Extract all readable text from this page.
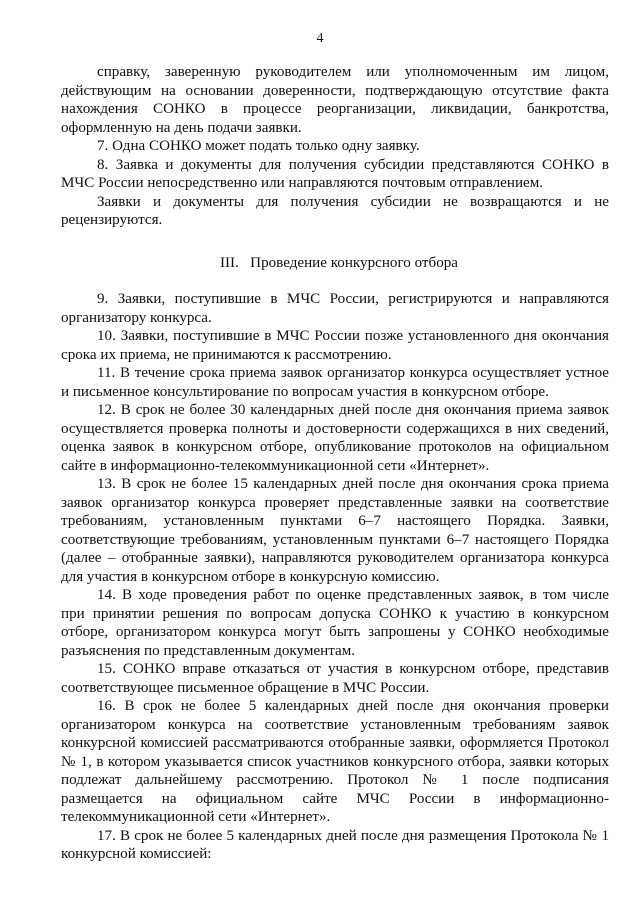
4

справку, заверенную руководителем или уполномоченным им лицом, действующим на основании доверенности, подтверждающую отсутствие факта нахождения СОНКО в процессе реорганизации, ликвидации, банкротства, оформленную на день подачи заявки.

7. Одна СОНКО может подать только одну заявку.

8. Заявка и документы для получения субсидии представляются СОНКО в МЧС России непосредственно или направляются почтовым отправлением.

Заявки и документы для получения субсидии не возвращаются и не рецензируются.

III. Проведение конкурсного отбора

9. Заявки, поступившие в МЧС России, регистрируются и направляются организатору конкурса.

10. Заявки, поступившие в МЧС России позже установленного дня окончания срока их приема, не принимаются к рассмотрению.

11. В течение срока приема заявок организатор конкурса осуществляет устное и письменное консультирование по вопросам участия в конкурсном отборе.

12. В срок не более 30 календарных дней после дня окончания приема заявок осуществляется проверка полноты и достоверности содержащихся в них сведений, оценка заявок в конкурсном отборе, опубликование протоколов на официальном сайте в информационно-телекоммуникационной сети «Интернет».

13. В срок не более 15 календарных дней после дня окончания срока приема заявок организатор конкурса проверяет представленные заявки на соответствие требованиям, установленным пунктами 6–7 настоящего Порядка. Заявки, соответствующие требованиям, установленным пунктами 6–7 настоящего Порядка (далее – отобранные заявки), направляются руководителем организатора конкурса для участия в конкурсном отборе в конкурсную комиссию.

14. В ходе проведения работ по оценке представленных заявок, в том числе при принятии решения по вопросам допуска СОНКО к участию в конкурсном отборе, организатором конкурса могут быть запрошены у СОНКО необходимые разъяснения по представленным документам.

15. СОНКО вправе отказаться от участия в конкурсном отборе, представив соответствующее письменное обращение в МЧС России.

16. В срок не более 5 календарных дней после дня окончания проверки организатором конкурса на соответствие установленным требованиям заявок конкурсной комиссией рассматриваются отобранные заявки, оформляется Протокол № 1, в котором указывается список участников конкурсного отбора, заявки которых подлежат дальнейшему рассмотрению. Протокол № 1 после подписания размещается на официальном сайте МЧС России в информационно-телекоммуникационной сети «Интернет».

17. В срок не более 5 календарных дней после дня размещения Протокола № 1 конкурсной комиссией:
